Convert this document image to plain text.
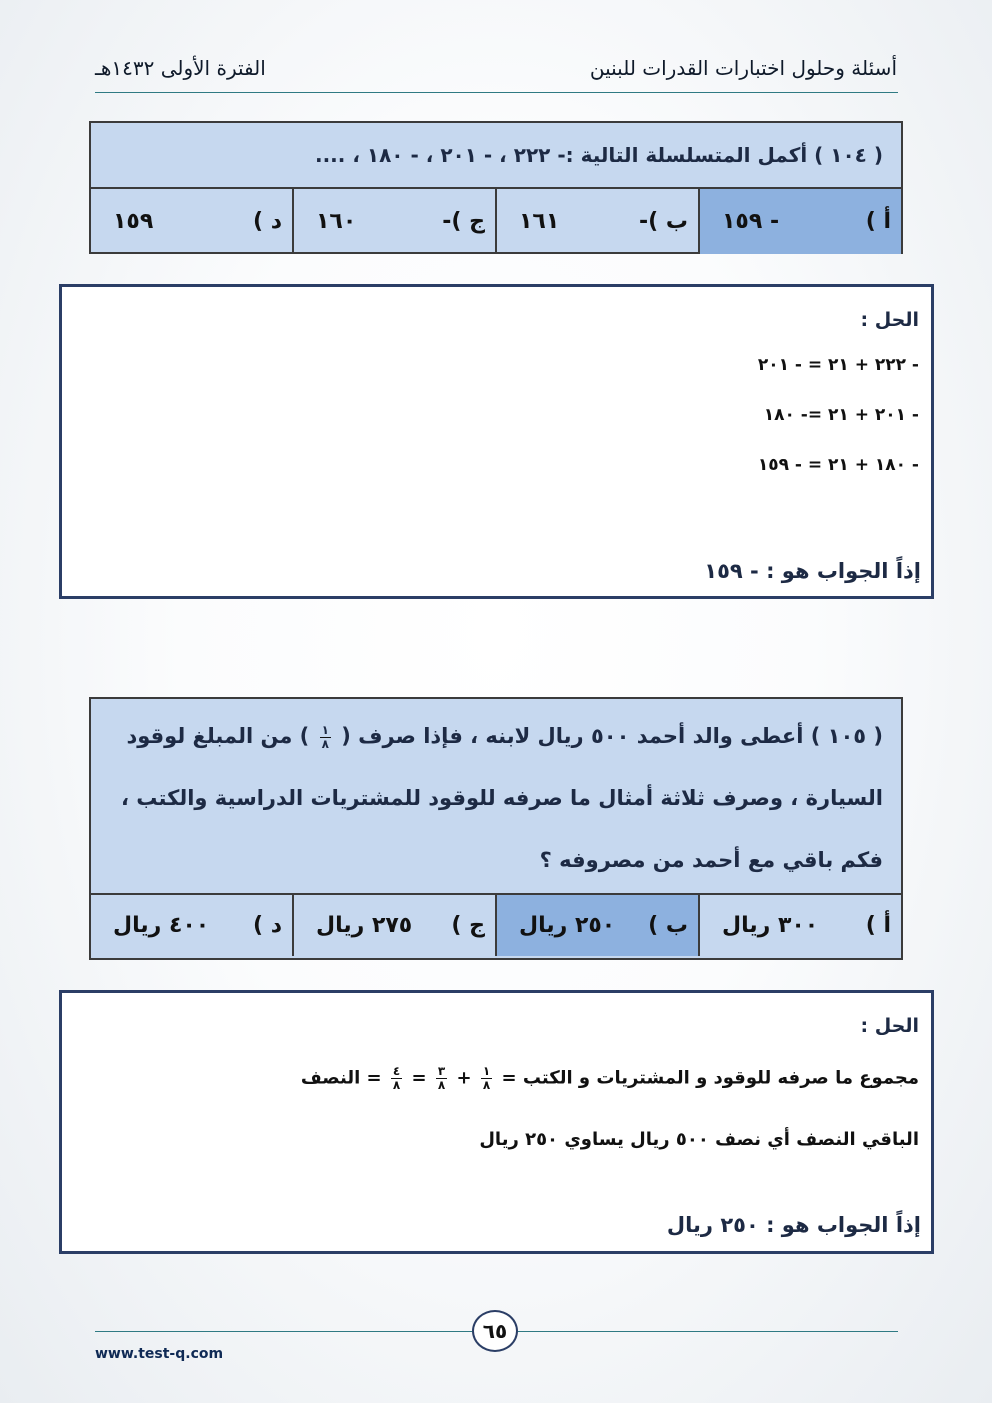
الفترة الأولى ١٤٣٢هـ	أسئلة وحلول اختبارات القدرات للبنين
( ١٠٤ ) أكمل المتسلسلة التالية :- ٢٢٢ ، - ٢٠١ ، - ١٨٠ ، ....
أ )
- ١٥٩
ب )-
١٦١
ج )-
١٦٠
د )
١٥٩
الحل :
- ٢٢٢ + ٢١ = - ٢٠١
- ٢٠١ + ٢١ =- ١٨٠
- ١٨٠ + ٢١ = - ١٥٩
إذاً الجواب هو : - ١٥٩
( ١٠٥ ) أعطى والد أحمد ٥٠٠ ريال لابنه ، فإذا صرف (
$\frac{١}{٨}$
) من المبلغ لوقود
السيارة ، وصرف ثلاثة أمثال ما صرفه للوقود للمشتريات الدراسية والكتب ،
فكم باقي مع أحمد من مصروفه ؟
أ )
٣٠٠ ريال
ب )
٢٥٠ ريال
ج )
٢٧٥ ريال
د )
٤٠٠ ريال
الحل :
مجموع ما صرفه للوقود و المشتريات و الكتب =
$\frac{١}{٨}$
+
$\frac{٣}{٨}$
=
$\frac{٤}{٨}$
= النصف
الباقي النصف أي نصف ٥٠٠ ريال يساوي ٢٥٠ ريال
إذاً الجواب هو : ٢٥٠ ريال
٦٥
www.test-q.com
